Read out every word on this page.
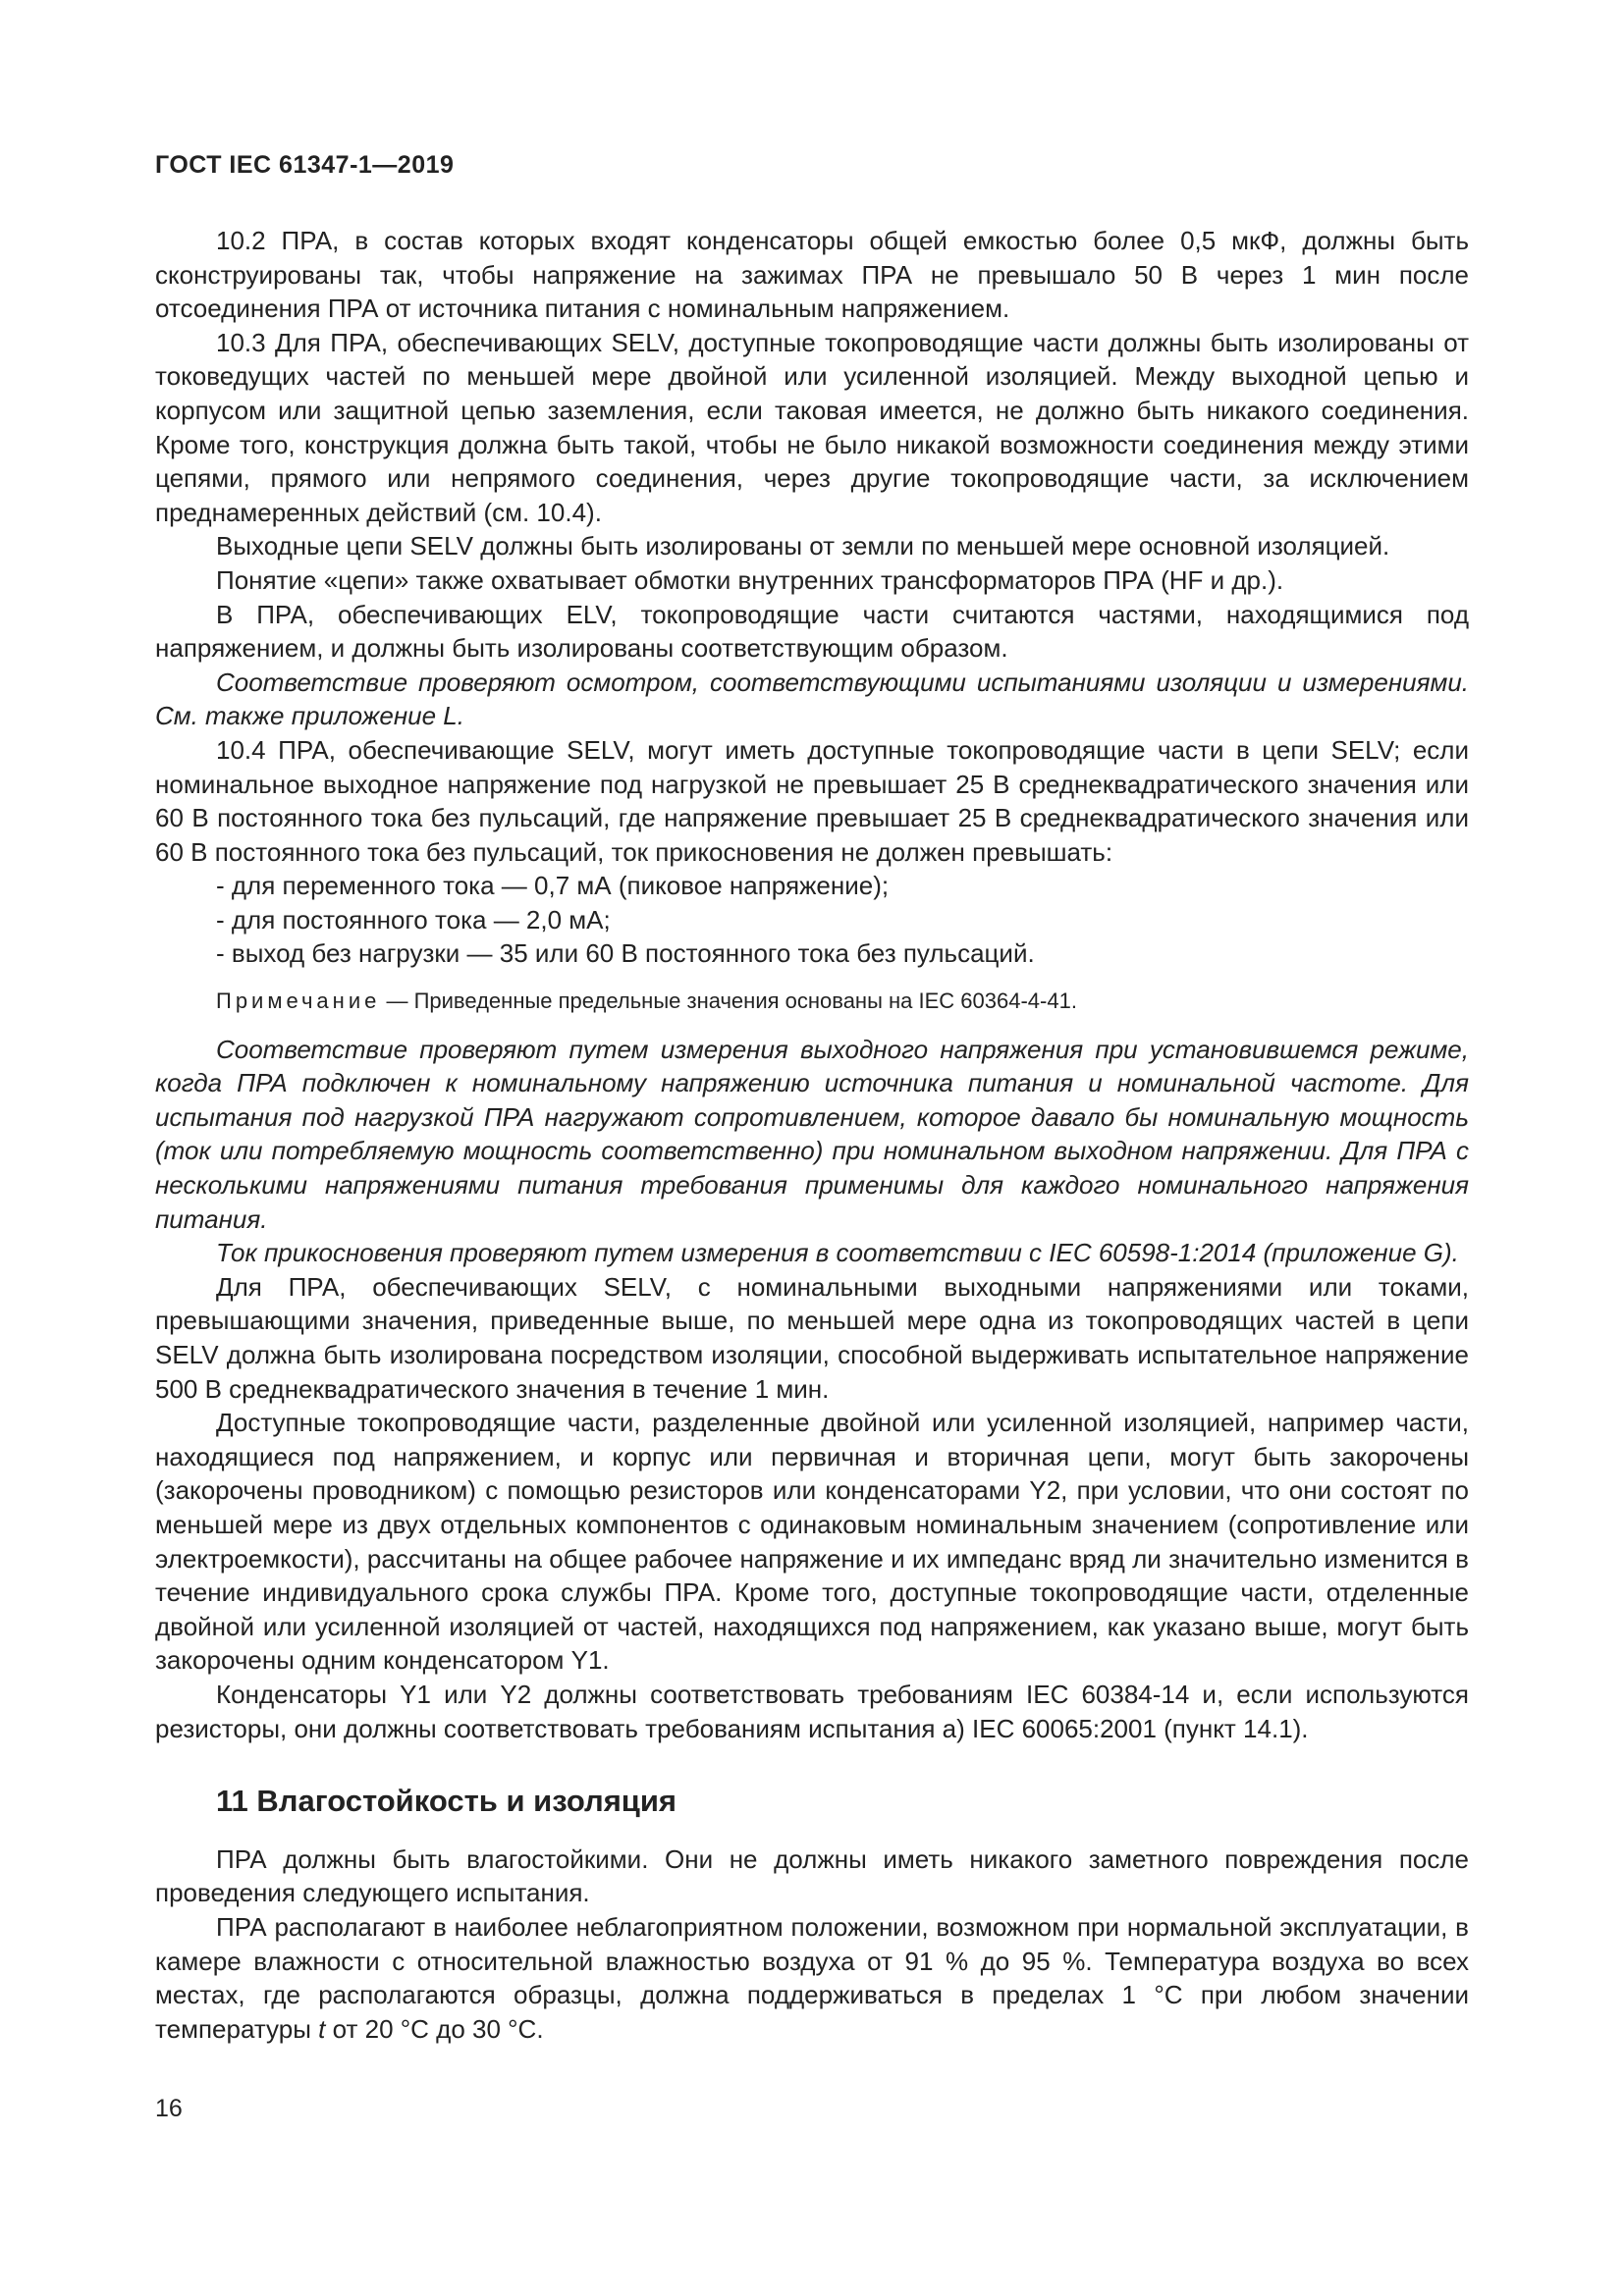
ГОСТ IEC 61347-1—2019

10.2 ПРА, в состав которых входят конденсаторы общей емкостью более 0,5 мкФ, должны быть сконструированы так, чтобы напряжение на зажимах ПРА не превышало 50 В через 1 мин после отсоединения ПРА от источника питания с номинальным напряжением.

10.3 Для ПРА, обеспечивающих SELV, доступные токопроводящие части должны быть изолированы от токоведущих частей по меньшей мере двойной или усиленной изоляцией. Между выходной цепью и корпусом или защитной цепью заземления, если таковая имеется, не должно быть никакого соединения. Кроме того, конструкция должна быть такой, чтобы не было никакой возможности соединения между этими цепями, прямого или непрямого соединения, через другие токопроводящие части, за исключением преднамеренных действий (см. 10.4).

Выходные цепи SELV должны быть изолированы от земли по меньшей мере основной изоляцией.

Понятие «цепи» также охватывает обмотки внутренних трансформаторов ПРА (HF и др.).

В ПРА, обеспечивающих ELV, токопроводящие части считаются частями, находящимися под напряжением, и должны быть изолированы соответствующим образом.

Соответствие проверяют осмотром, соответствующими испытаниями изоляции и измерениями. См. также приложение L.

10.4 ПРА, обеспечивающие SELV, могут иметь доступные токопроводящие части в цепи SELV; если номинальное выходное напряжение под нагрузкой не превышает 25 В среднеквадратического значения или 60 В постоянного тока без пульсаций, где напряжение превышает 25 В среднеквадратического значения или 60 В постоянного тока без пульсаций, ток прикосновения не должен превышать:

- для переменного тока — 0,7 мА (пиковое напряжение);

- для постоянного тока — 2,0 мА;

- выход без нагрузки — 35 или 60 В постоянного тока без пульсаций.

Примечание — Приведенные предельные значения основаны на IEC 60364-4-41.

Соответствие проверяют путем измерения выходного напряжения при установившемся режиме, когда ПРА подключен к номинальному напряжению источника питания и номинальной частоте. Для испытания под нагрузкой ПРА нагружают сопротивлением, которое давало бы номинальную мощность (ток или потребляемую мощность соответственно) при номинальном выходном напряжении. Для ПРА с несколькими напряжениями питания требования применимы для каждого номинального напряжения питания.

Ток прикосновения проверяют путем измерения в соответствии с IEC 60598-1:2014 (приложение G).

Для ПРА, обеспечивающих SELV, с номинальными выходными напряжениями или токами, превышающими значения, приведенные выше, по меньшей мере одна из токопроводящих частей в цепи SELV должна быть изолирована посредством изоляции, способной выдерживать испытательное напряжение 500 В среднеквадратического значения в течение 1 мин.

Доступные токопроводящие части, разделенные двойной или усиленной изоляцией, например части, находящиеся под напряжением, и корпус или первичная и вторичная цепи, могут быть закорочены (закорочены проводником) с помощью резисторов или конденсаторами Y2, при условии, что они состоят по меньшей мере из двух отдельных компонентов с одинаковым номинальным значением (сопротивление или электроемкости), рассчитаны на общее рабочее напряжение и их импеданс вряд ли значительно изменится в течение индивидуального срока службы ПРА. Кроме того, доступные токопроводящие части, отделенные двойной или усиленной изоляцией от частей, находящихся под напряжением, как указано выше, могут быть закорочены одним конденсатором Y1.

Конденсаторы Y1 или Y2 должны соответствовать требованиям IEC 60384-14 и, если используются резисторы, они должны соответствовать требованиям испытания a) IEC 60065:2001 (пункт 14.1).

11 Влагостойкость и изоляция

ПРА должны быть влагостойкими. Они не должны иметь никакого заметного повреждения после проведения следующего испытания.

ПРА располагают в наиболее неблагоприятном положении, возможном при нормальной эксплуатации, в камере влажности с относительной влажностью воздуха от 91 % до 95 %. Температура воздуха во всех местах, где располагаются образцы, должна поддерживаться в пределах 1 °С при любом значении температуры t от 20 °С до 30 °С.

16
